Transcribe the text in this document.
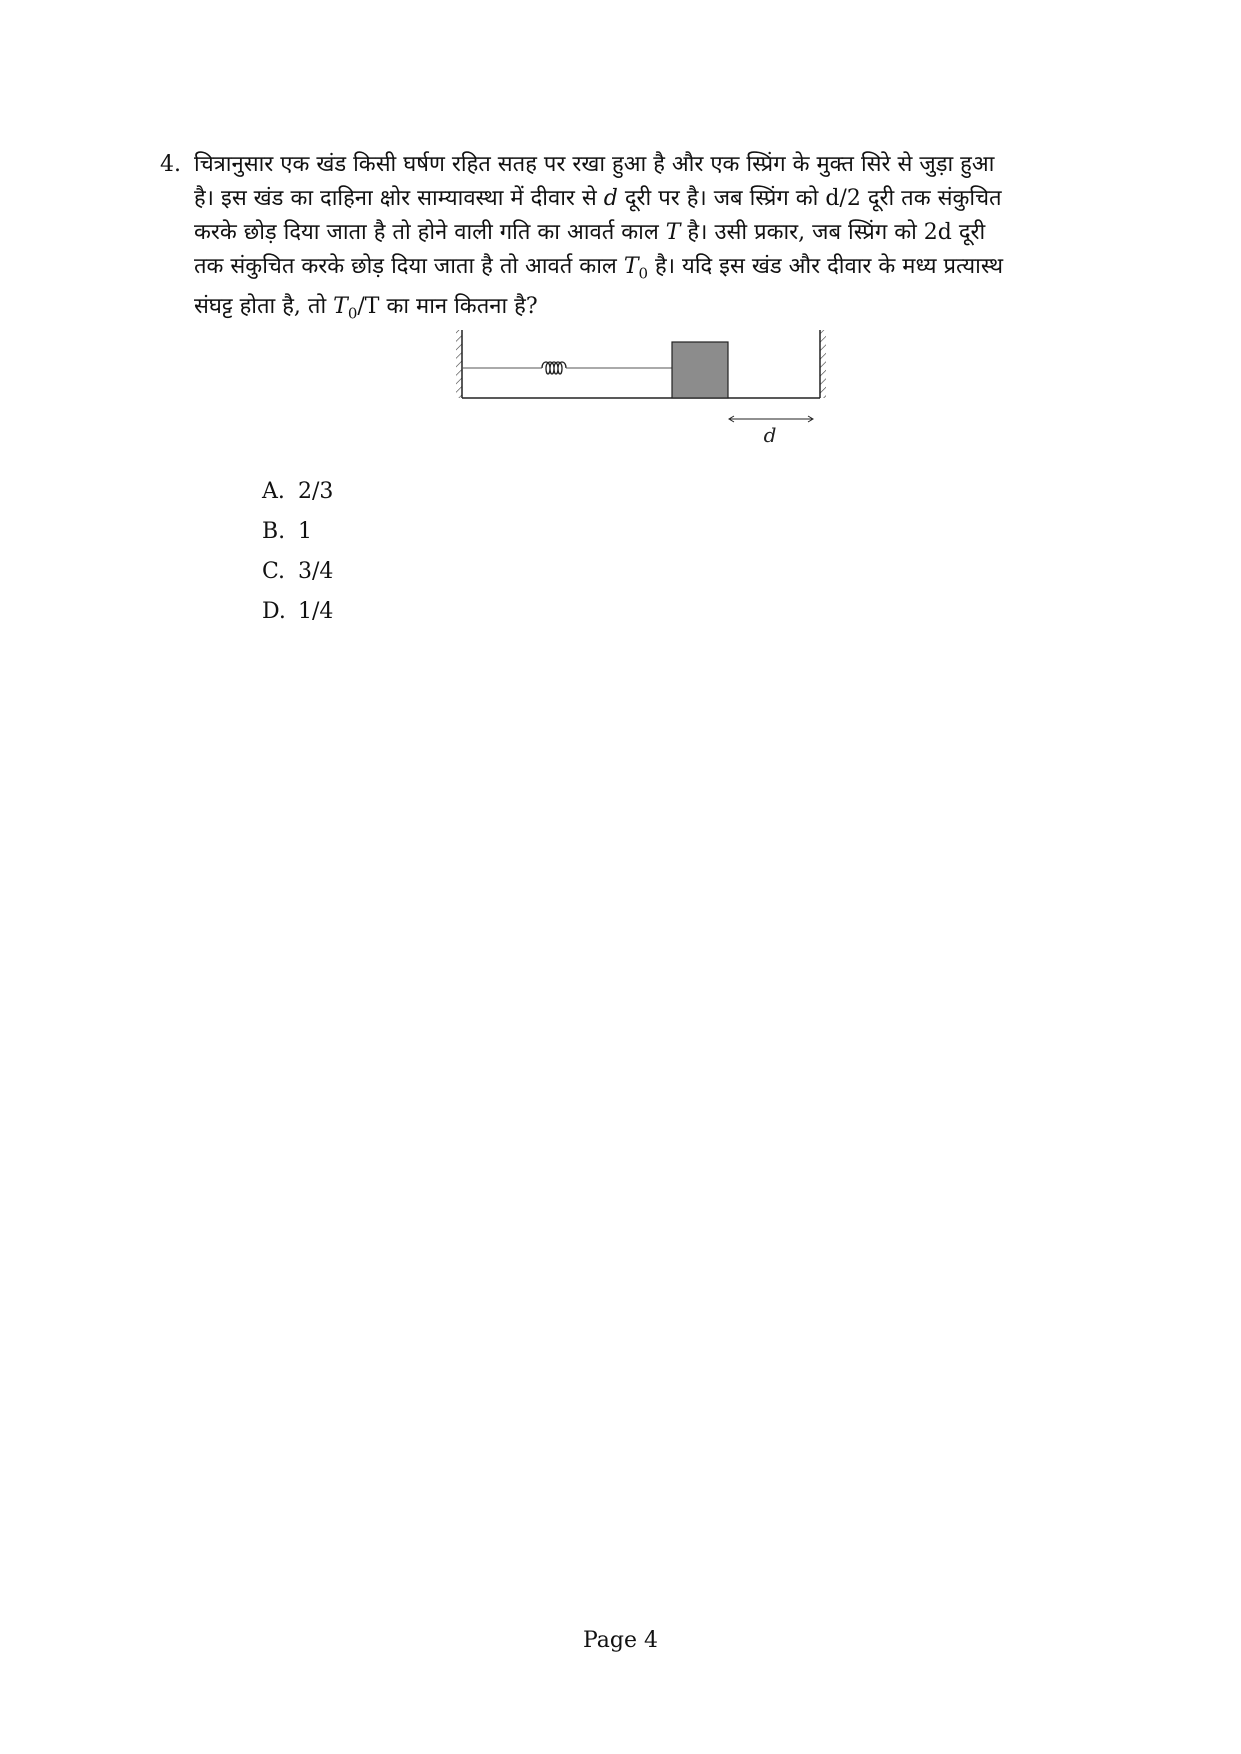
4. चित्रानुसार एक खंड किसी घर्षण रहित सतह पर रखा हुआ है और एक स्प्रिंग के मुक्त सिरे से जुड़ा हुआ
है। इस खंड का दाहिना क्षोर साम्यावस्था में दीवार से d दूरी पर है। जब स्प्रिंग को d/2 दूरी तक संकुचित
करके छोड़ दिया जाता है तो होने वाली गति का आवर्त काल T है। उसी प्रकार, जब स्प्रिंग को 2d दूरी
तक संकुचित करके छोड़ दिया जाता है तो आवर्त काल $T_0$ है। यदि इस खंड और दीवार के मध्य प्रत्यास्थ
संघट्ट होता है, तो $T_0/T$ का मान कितना है?
d
A. 2/3
B. 1
C. 3/4
D. 1/4
Page 4
